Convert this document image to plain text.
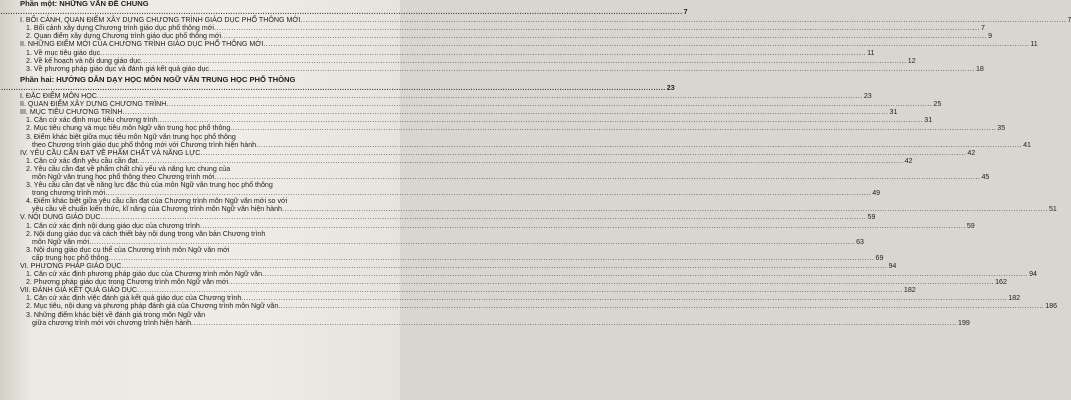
Phần một: NHỮNG VẤN ĐỀ CHUNG
.....
7
I. BỐI CẢNH, QUAN ĐIỂM XÂY DỰNG CHƯƠNG TRÌNH GIÁO DỤC PHỔ THÔNG MỚI .....	7
1. Bối cảnh xây dựng Chương trình giáo dục phổ thông mới .....	7
2. Quan điểm xây dựng Chương trình giáo dục phổ thông mới .....	9
II. NHỮNG ĐIỂM MỚI CỦA CHƯƠNG TRÌNH GIÁO DỤC PHỔ THÔNG MỚI .....	11
1. Về mục tiêu giáo dục .....	11
2. Về kế hoạch và nội dung giáo dục .....	12
3. Về phương pháp giáo dục và đánh giá kết quả giáo dục .....	18
Phần hai: HƯỚNG DẪN DẠY HỌC MÔN NGỮ VĂN TRUNG HỌC PHỔ THÔNG
.....
23
I. ĐẶC ĐIỂM MÔN HỌC .....	23
II. QUAN ĐIỂM XÂY DỰNG CHƯƠNG TRÌNH .....	25
III. MỤC TIÊU CHƯƠNG TRÌNH .....	31
1. Căn cứ xác định mục tiêu chương trình .....	31
2. Mục tiêu chung và mục tiêu môn Ngữ văn trung học phổ thông .....	35
3. Điểm khác biệt giữa mục tiêu môn Ngữ văn trung học phổ thông
theo Chương trình giáo dục phổ thông mới với Chương trình hiện hành .....	41
IV. YÊU CẦU CẦN ĐẠT VỀ PHẨM CHẤT VÀ NĂNG LỰC .....	42
1. Căn cứ xác định yêu cầu cần đạt .....	42
2. Yêu cầu cần đạt về phẩm chất chủ yếu và năng lực chung của
môn Ngữ văn trung học phổ thông theo Chương trình mới .....	45
3. Yêu cầu cần đạt về năng lực đặc thù của môn Ngữ văn trung học phổ thông
trong chương trình mới .....	49
4. Điểm khác biệt giữa yêu cầu cần đạt của Chương trình môn Ngữ văn mới so với
yêu cầu về chuẩn kiến thức, kĩ năng của Chương trình môn Ngữ văn hiện hành .....	51
V. NỘI DUNG GIÁO DỤC .....	59
1. Căn cứ xác định nội dung giáo dục của chương trình .....	59
2. Nội dung giáo dục và cách thiết bày nội dung trong văn bản Chương trình
môn Ngữ văn mới .....	63
3. Nội dung giáo dục cụ thể của Chương trình môn Ngữ văn mới
cấp trung học phổ thông .....	69
VI. PHƯƠNG PHÁP GIÁO DỤC .....	94
1. Căn cứ xác định phương pháp giáo dục của Chương trình môn Ngữ văn .....	94
2. Phương pháp giáo dục trong Chương trình môn Ngữ văn mới .....	162
VII. ĐÁNH GIÁ KẾT QUẢ GIÁO DỤC .....	182
1. Căn cứ xác định việc đánh giá kết quả giáo dục của Chương trình .....	182
2. Mục tiêu, nội dung và phương pháp đánh giá của Chương trình môn Ngữ văn .....	186
3. Những điểm khác biệt về đánh giá trong môn Ngữ văn
giữa chương trình mới với chương trình hiện hành .....	199
